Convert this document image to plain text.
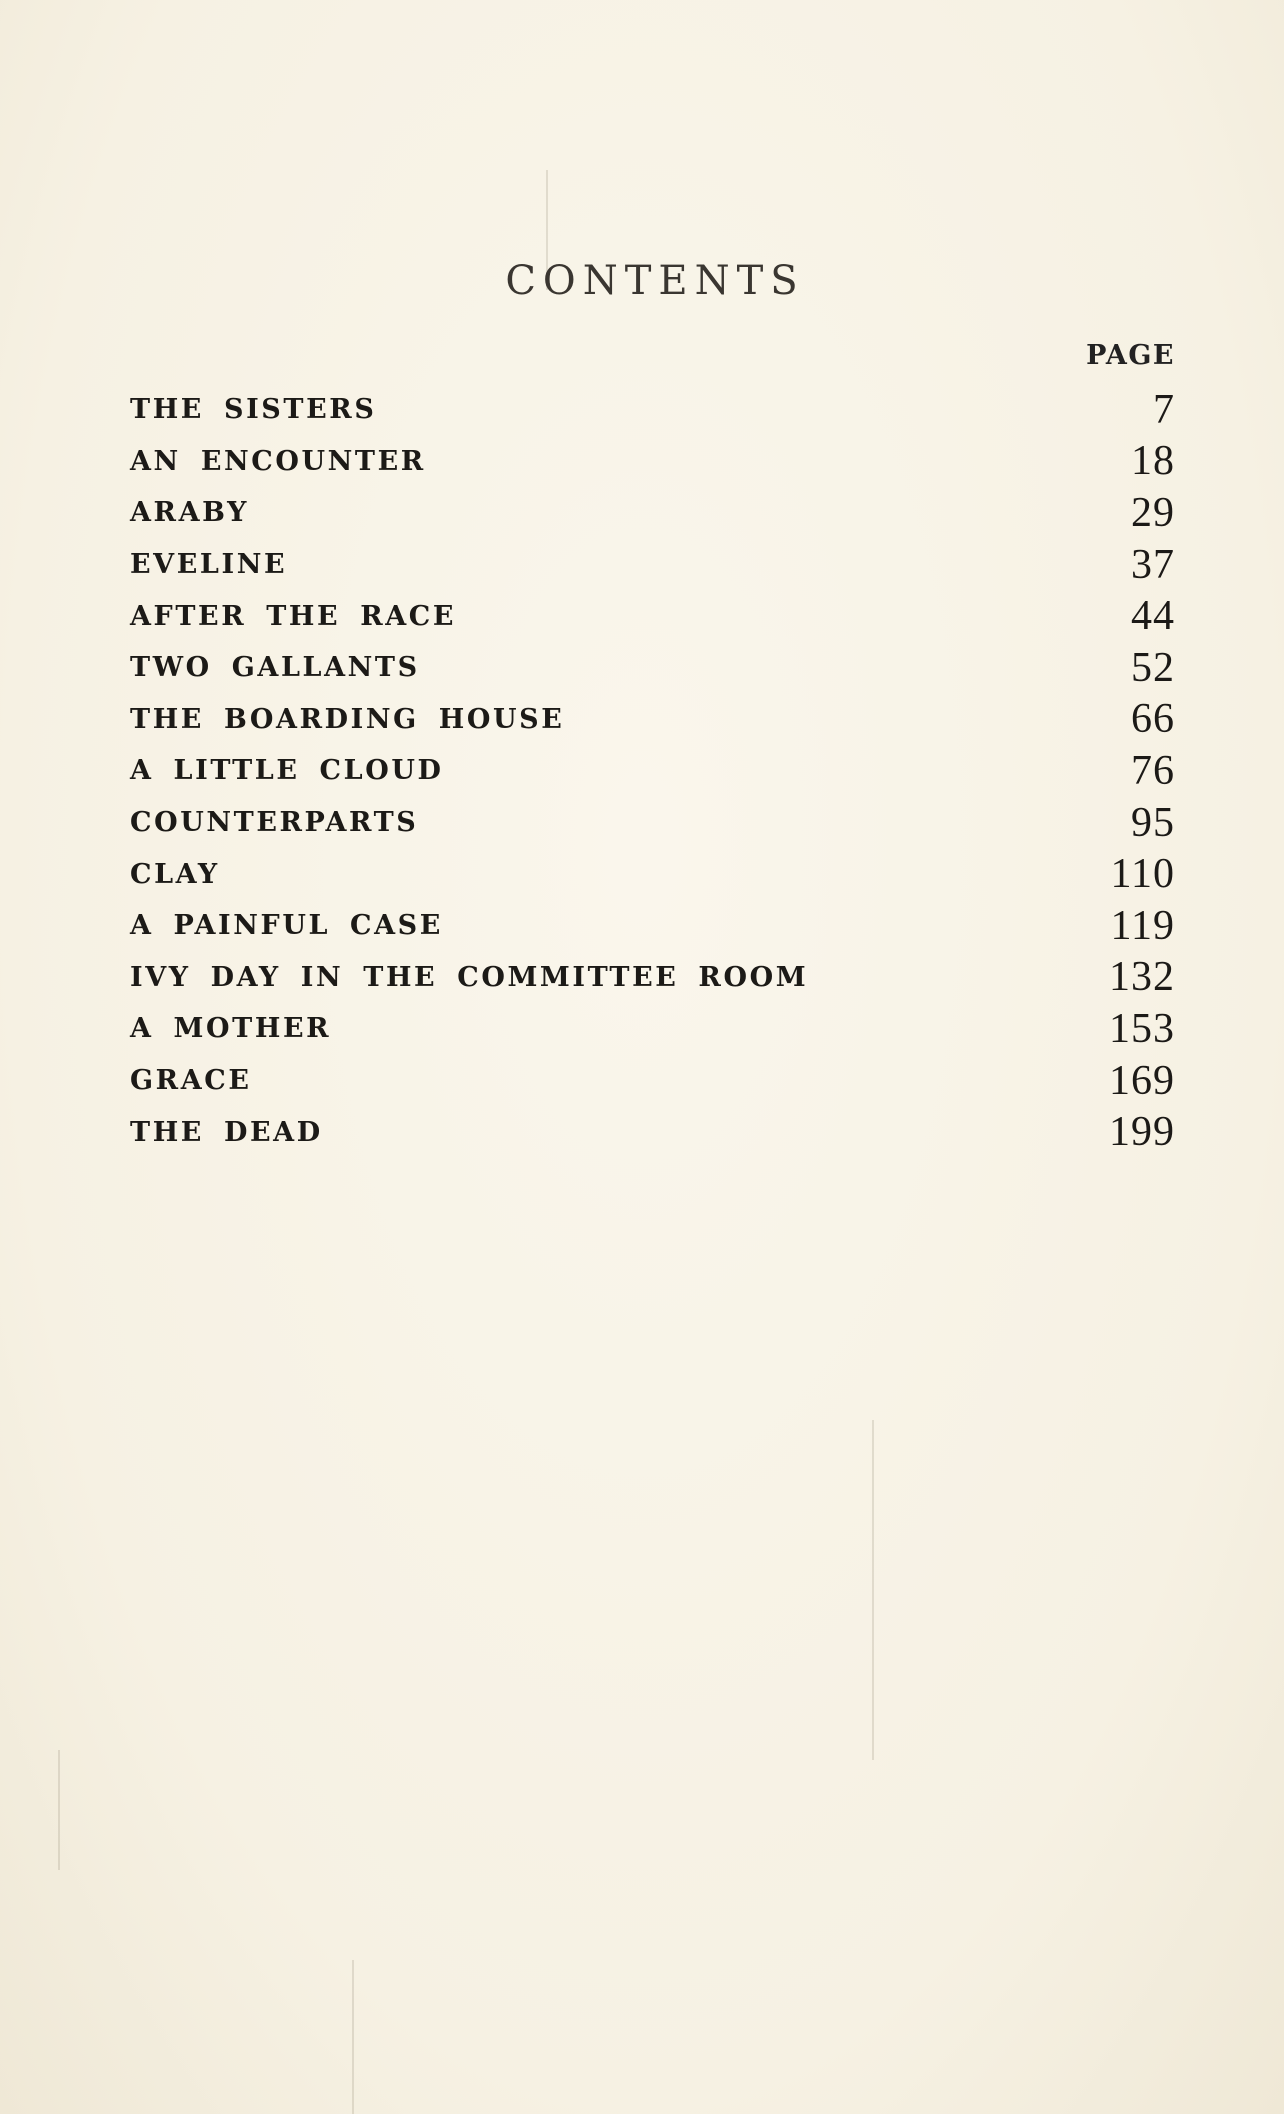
CONTENTS
PAGE
THE SISTERS	7
AN ENCOUNTER	18
ARABY	29
EVELINE	37
AFTER THE RACE	44
TWO GALLANTS	52
THE BOARDING HOUSE	66
A LITTLE CLOUD	76
COUNTERPARTS	95
CLAY	110
A PAINFUL CASE	119
IVY DAY IN THE COMMITTEE ROOM	132
A MOTHER	153
GRACE	169
THE DEAD	199
